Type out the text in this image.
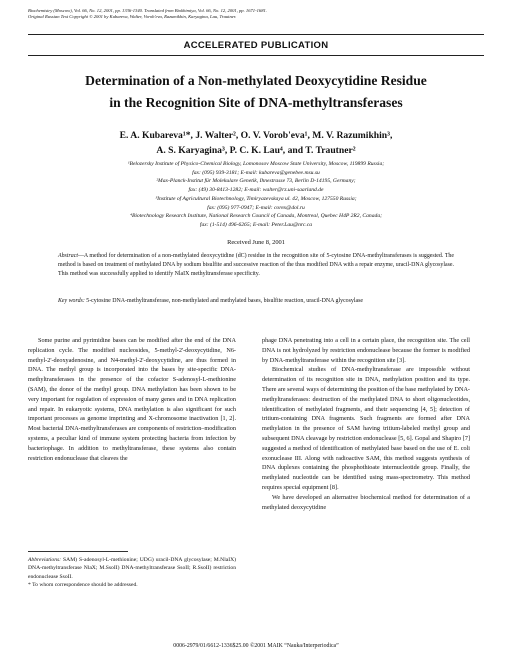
Biochemistry (Moscow), Vol. 66, No. 12, 2001, pp. 1336-1340. Translated from Biokhimiya, Vol. 66, No. 12, 2001, pp. 1671-1681.
Original Russian Text Copyright © 2001 by Kubareva, Walter, Vorob'eva, Razumikhin, Karyagina, Lau, Trautner.
ACCELERATED PUBLICATION
Determination of a Non-methylated Deoxycytidine Residue
in the Recognition Site of DNA-methyltransferases
E. A. Kubareva¹*, J. Walter², O. V. Vorob'eva¹, M. V. Razumikhin³,
A. S. Karyagina³, P. C. K. Lau⁴, and T. Trautner²

¹Belozersky Institute of Physico-Chemical Biology, Lomonosov Moscow State University, Moscow, 119899 Russia;

fax: (095) 939-3181; E-mail: kubareva@genebee.msu.su

²Max-Planck-Institut für Molekulare Genetik, Ihnestrasse 73, Berlin D-14195, Germany;

fax: (49) 30-8413-1282; E-mail: walter@rz.uni-saarland.de

³Institute of Agricultural Biotechnology, Timiryazevskaya ul. 42, Moscow, 127550 Russia;

fax: (095) 977-0947; E-mail: corex@dol.ru

⁴Biotechnology Research Institute, National Research Council of Canada, Montreal, Quebec H4P 2R2, Canada;

fax: (1-514) 496-6265; E-mail: Peter.Lau@nrc.ca

Received June 8, 2001
Abstract—A method for determination of a non-methylated deoxycytidine (dC) residue in the recognition site of 5-cytosine DNA-methyltransferases is suggested. The method is based on treatment of methylated DNA by sodium bisulfite and successive reaction of the thus modified DNA with a repair enzyme, uracil-DNA glycosylase. This method was successfully applied to identify NlaIX methyltransferase specificity.
Key words: 5-cytosine DNA-methyltransferase, non-methylated and methylated bases, bisulfite reaction, uracil-DNA glycosylase

Some purine and pyrimidine bases can be modified after the end of the DNA replication cycle. The modified nucleosides, 5-methyl-2'-deoxycytidine, N6-methyl-2'-deoxyadenosine, and N4-methyl-2'-deoxycytidine, are thus formed in DNA. The methyl group is incorporated into the bases by site-specific DNA-methyltransferases in the presence of the cofactor S-adenosyl-L-methionine (SAM), the donor of the methyl group. DNA methylation has been shown to be very important for regulation of expression of many genes and in DNA replication and repair. In eukaryotic systems, DNA methylation is also significant for such important processes as genome imprinting and X-chromosome inactivation [1, 2]. Most bacterial DNA-methyltransferases are components of restriction–modification systems, a peculiar kind of immune system protecting bacteria from infection by bacteriophage. In addition to methyltransferase, these systems also contain restriction endonuclease that cleaves the

phage DNA penetrating into a cell in a certain place, the recognition site. The cell DNA is not hydrolyzed by restriction endonuclease because the former is modified by DNA-methyltransferase within the recognition site [3].

Biochemical studies of DNA-methyltransferase are impossible without determination of its recognition site in DNA, methylation position and its type. There are several ways of determining the position of the base methylated by DNA-methyltransferases: destruction of the methylated DNA to short oligonucleotides, identification of methylated fragments, and their sequencing [4, 5]; detection of tritium-containing DNA fragments. Such fragments are formed after DNA methylation in the presence of SAM having tritium-labeled methyl group and subsequent DNA cleavage by restriction endonuclease [5, 6]. Gopal and Shapiro [7] suggested a method of identification of methylated base based on the use of E. coli exonuclease III. Along with radioactive SAM, this method suggests synthesis of DNA duplexes containing the phosphothioate internucleotide group. Finally, the methylated nucleotide can be identified using mass-spectrometry. This method requires special equipment [8].

We have developed an alternative biochemical method for determination of a methylated deoxycytidine

Abbreviations: SAM) S-adenosyl-L-methionine; UDG) uracil-DNA glycosylase; M.NlaIX) DNA-methyltransferase NlaX; M.SsoII) DNA-methyltransferase SsoII; R.SsoII) restriction endonuclease SsoII.

* To whom correspondence should be addressed.

0006-2979/01/6612-1336$25.00 ©2001 MAIK “Nauka/Interperiodica”
